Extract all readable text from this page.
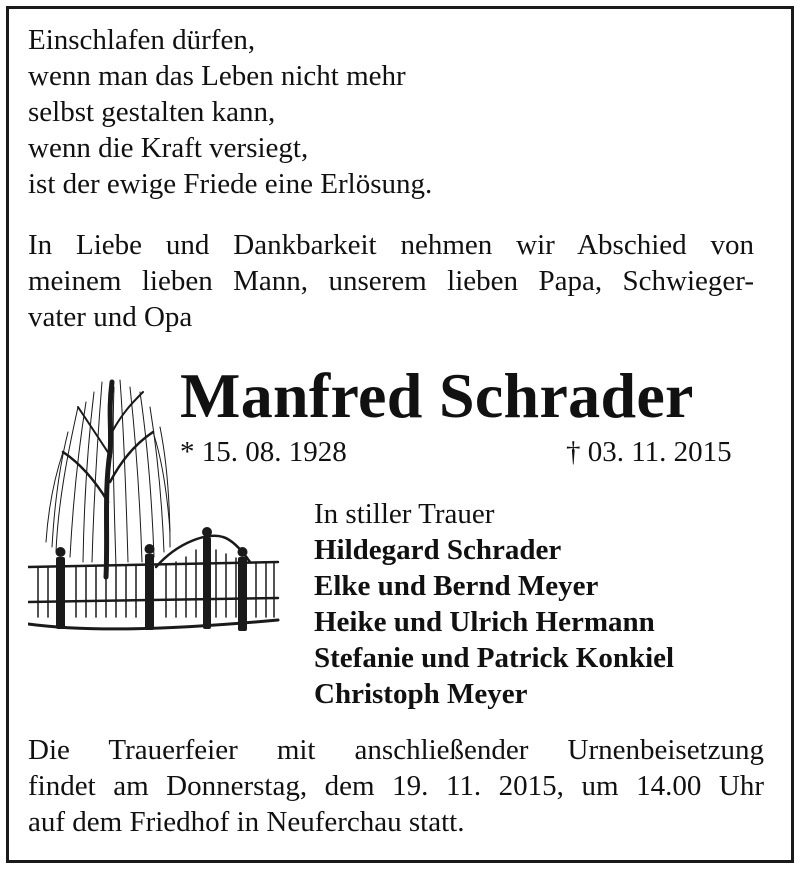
Einschlafen dürfen,
wenn man das Leben nicht mehr
selbst gestalten kann,
wenn die Kraft versiegt,
ist der ewige Friede eine Erlösung.
In Liebe und Dankbarkeit nehmen wir Abschied von
meinem lieben Mann, unserem lieben Papa, Schwieger-
vater und Opa
Manfred Schrader
* 15. 08. 1928	† 03. 11. 2015
In stiller Trauer
Hildegard Schrader
Elke und Bernd Meyer
Heike und Ulrich Hermann
Stefanie und Patrick Konkiel
Christoph Meyer
Die Trauerfeier mit anschließender Urnenbeisetzung
findet am Donnerstag, dem 19. 11. 2015, um 14.00 Uhr
auf dem Friedhof in Neuferchau statt.
